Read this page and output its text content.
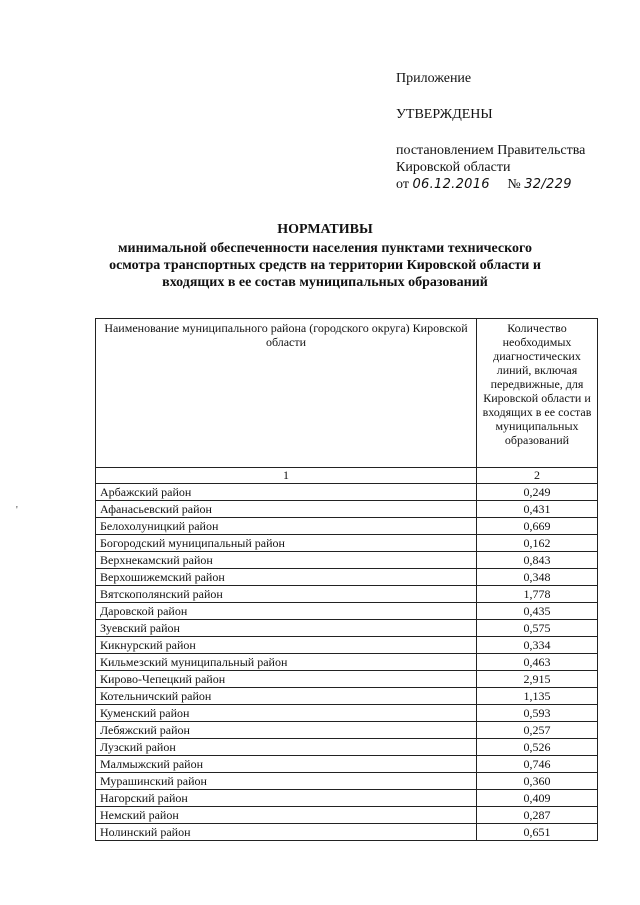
Приложение
УТВЕРЖДЕНЫ
постановлением Правительства
Кировской области
от 06.12.2016 № 32/229
НОРМАТИВЫ
минимальной обеспеченности населения пунктами технического
осмотра транспортных средств на территории Кировской области и
входящих в ее состав муниципальных образований
'
Наименование муниципального района (городского округа) Кировской области	Количество необходимых диагностических линий, включая передвижные, для Кировской области и входящих в ее состав муниципальных образований
1	2
Арбажский район	0,249
Афанасьевский район	0,431
Белохолуницкий район	0,669
Богородский муниципальный район	0,162
Верхнекамский район	0,843
Верхошижемский район	0,348
Вятскополянский район	1,778
Даровской район	0,435
Зуевский район	0,575
Кикнурский район	0,334
Кильмезский муниципальный район	0,463
Кирово-Чепецкий район	2,915
Котельничский район	1,135
Куменский район	0,593
Лебяжский район	0,257
Лузский район	0,526
Малмыжский район	0,746
Мурашинский район	0,360
Нагорский район	0,409
Немский район	0,287
Нолинский район	0,651
